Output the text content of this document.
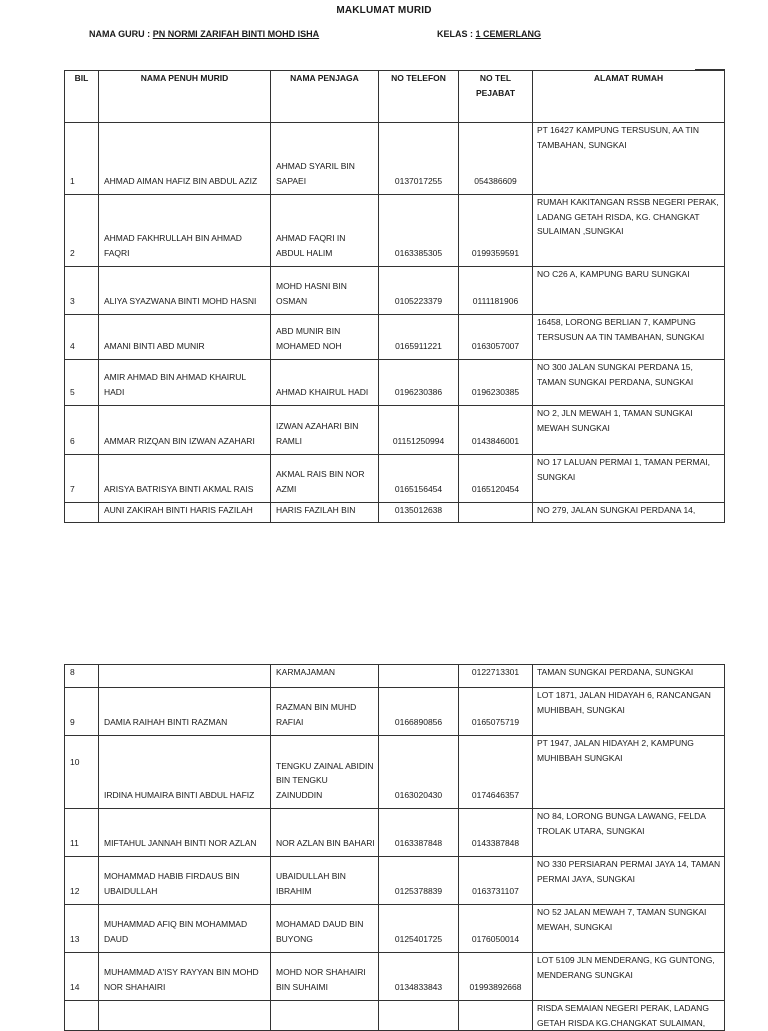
MAKLUMAT MURID
NAMA GURU : PN NORMI ZARIFAH BINTI MOHD ISHA	KELAS : 1 CEMERLANG
BIL	NAMA PENUH MURID	NAMA PENJAGA	NO TELEFON	NO TEL PEJABAT	ALAMAT RUMAH
1	AHMAD AIMAN HAFIZ BIN ABDUL AZIZ	AHMAD SYARIL BIN SAPAEI	0137017255	054386609	PT 16427 KAMPUNG TERSUSUN, AA TIN TAMBAHAN, SUNGKAI
2	AHMAD FAKHRULLAH BIN AHMAD FAQRI	AHMAD FAQRI IN ABDUL HALIM	0163385305	0199359591	RUMAH KAKITANGAN RSSB NEGERI PERAK, LADANG GETAH RISDA, KG. CHANGKAT SULAIMAN ,SUNGKAI
3	ALIYA SYAZWANA BINTI MOHD HASNI	MOHD HASNI BIN OSMAN	0105223379	0111181906	NO C26 A, KAMPUNG BARU SUNGKAI
4	AMANI BINTI ABD MUNIR	ABD MUNIR BIN MOHAMED NOH	0165911221	0163057007	16458, LORONG BERLIAN 7, KAMPUNG TERSUSUN AA TIN TAMBAHAN, SUNGKAI
5	AMIR AHMAD BIN AHMAD KHAIRUL HADI	AHMAD KHAIRUL HADI	0196230386	0196230385	NO 300 JALAN SUNGKAI PERDANA 15, TAMAN SUNGKAI PERDANA, SUNGKAI
6	AMMAR RIZQAN BIN IZWAN AZAHARI	IZWAN AZAHARI BIN RAMLI	01151250994	0143846001	NO 2, JLN MEWAH 1, TAMAN SUNGKAI MEWAH SUNGKAI
7	ARISYA BATRISYA BINTI AKMAL RAIS	AKMAL RAIS BIN NOR AZMI	0165156454	0165120454	NO 17 LALUAN PERMAI 1, TAMAN PERMAI, SUNGKAI
	AUNI ZAKIRAH BINTI HARIS FAZILAH	HARIS FAZILAH BIN	0135012638		NO 279, JALAN SUNGKAI PERDANA 14,
8		KARMAJAMAN		0122713301	TAMAN SUNGKAI PERDANA, SUNGKAI
9	DAMIA RAIHAH BINTI RAZMAN	RAZMAN BIN MUHD RAFIAI	0166890856	0165075719	LOT 1871, JALAN HIDAYAH 6, RANCANGAN MUHIBBAH, SUNGKAI
10	IRDINA HUMAIRA BINTI ABDUL HAFIZ	TENGKU ZAINAL ABIDIN BIN TENGKU ZAINUDDIN	0163020430	0174646357	PT 1947, JALAN HIDAYAH 2, KAMPUNG MUHIBBAH SUNGKAI
11	MIFTAHUL JANNAH BINTI NOR AZLAN	NOR AZLAN BIN BAHARI	0163387848	0143387848	NO 84, LORONG BUNGA LAWANG, FELDA TROLAK UTARA, SUNGKAI
12	MOHAMMAD HABIB FIRDAUS BIN UBAIDULLAH	UBAIDULLAH BIN IBRAHIM	0125378839	0163731107	NO 330 PERSIARAN PERMAI JAYA 14, TAMAN PERMAI JAYA, SUNGKAI
13	MUHAMMAD AFIQ BIN MOHAMMAD DAUD	MOHAMAD DAUD BIN BUYONG	0125401725	0176050014	NO 52 JALAN MEWAH 7, TAMAN SUNGKAI MEWAH, SUNGKAI
14	MUHAMMAD A'ISY RAYYAN BIN MOHD NOR SHAHAIRI	MOHD NOR SHAHAIRI BIN SUHAIMI	0134833843	01993892668	LOT 5109 JLN MENDERANG, KG GUNTONG, MENDERANG SUNGKAI
					RISDA SEMAIAN NEGERI PERAK, LADANG GETAH RISDA KG.CHANGKAT SULAIMAN,
